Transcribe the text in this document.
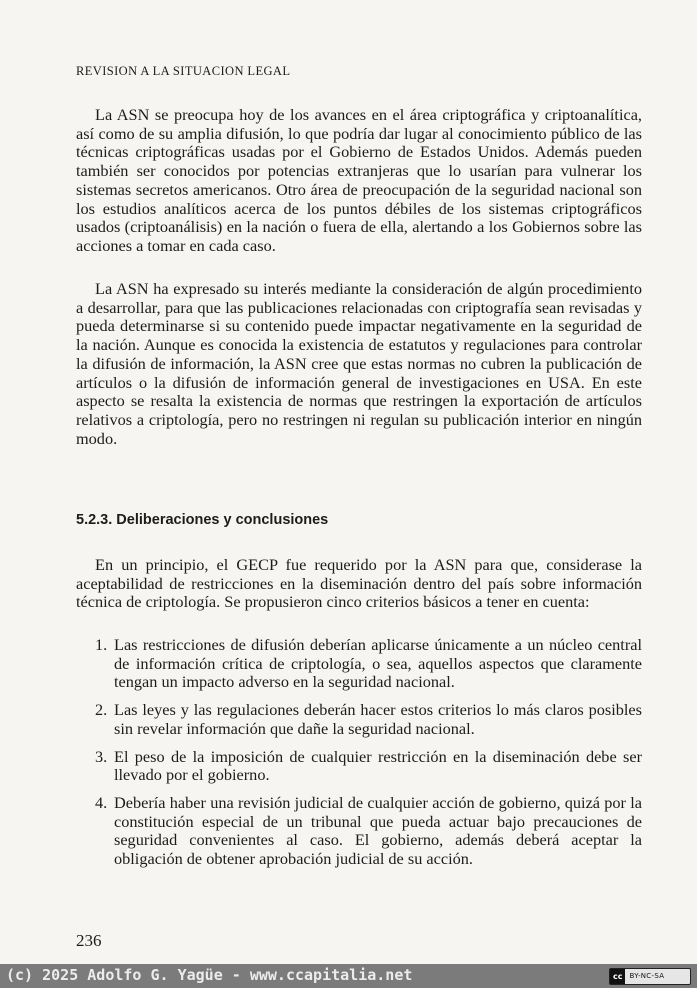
REVISION A LA SITUACION LEGAL

La ASN se preocupa hoy de los avances en el área criptográfica y criptoanalítica, así como de su amplia difusión, lo que podría dar lugar al conocimiento público de las técnicas criptográficas usadas por el Gobierno de Estados Unidos. Además pueden también ser conocidos por potencias extranjeras que lo usarían para vulnerar los sistemas secretos americanos. Otro área de preocupación de la seguridad nacional son los estudios analíticos acerca de los puntos débiles de los sistemas criptográficos usados (criptoanálisis) en la nación o fuera de ella, alertando a los Gobiernos sobre las acciones a tomar en cada caso.

La ASN ha expresado su interés mediante la consideración de algún procedimiento a desarrollar, para que las publicaciones relacionadas con criptografía sean revisadas y pueda determinarse si su contenido puede impactar negativamente en la seguridad de la nación. Aunque es conocida la existencia de estatutos y regulaciones para controlar la difusión de información, la ASN cree que estas normas no cubren la publicación de artículos o la difusión de información general de investigaciones en USA. En este aspecto se resalta la existencia de normas que restringen la exportación de artículos relativos a criptología, pero no restringen ni regulan su publicación interior en ningún modo.

5.2.3. Deliberaciones y conclusiones

En un principio, el GECP fue requerido por la ASN para que, considerase la aceptabilidad de restricciones en la diseminación dentro del país sobre información técnica de criptología. Se propusieron cinco criterios básicos a tener en cuenta:

1. Las restricciones de difusión deberían aplicarse únicamente a un núcleo central de información crítica de criptología, o sea, aquellos aspectos que claramente tengan un impacto adverso en la seguridad nacional.
2. Las leyes y las regulaciones deberán hacer estos criterios lo más claros posibles sin revelar información que dañe la seguridad nacional.
3. El peso de la imposición de cualquier restricción en la diseminación debe ser llevado por el gobierno.
4. Debería haber una revisión judicial de cualquier acción de gobierno, quizá por la constitución especial de un tribunal que pueda actuar bajo precauciones de seguridad convenientes al caso. El gobierno, además deberá aceptar la obligación de obtener aprobación judicial de su acción.
236
(c) 2025 Adolfo G. Yagüe - www.ccapitalia.net	cc	BY-NC-SA
